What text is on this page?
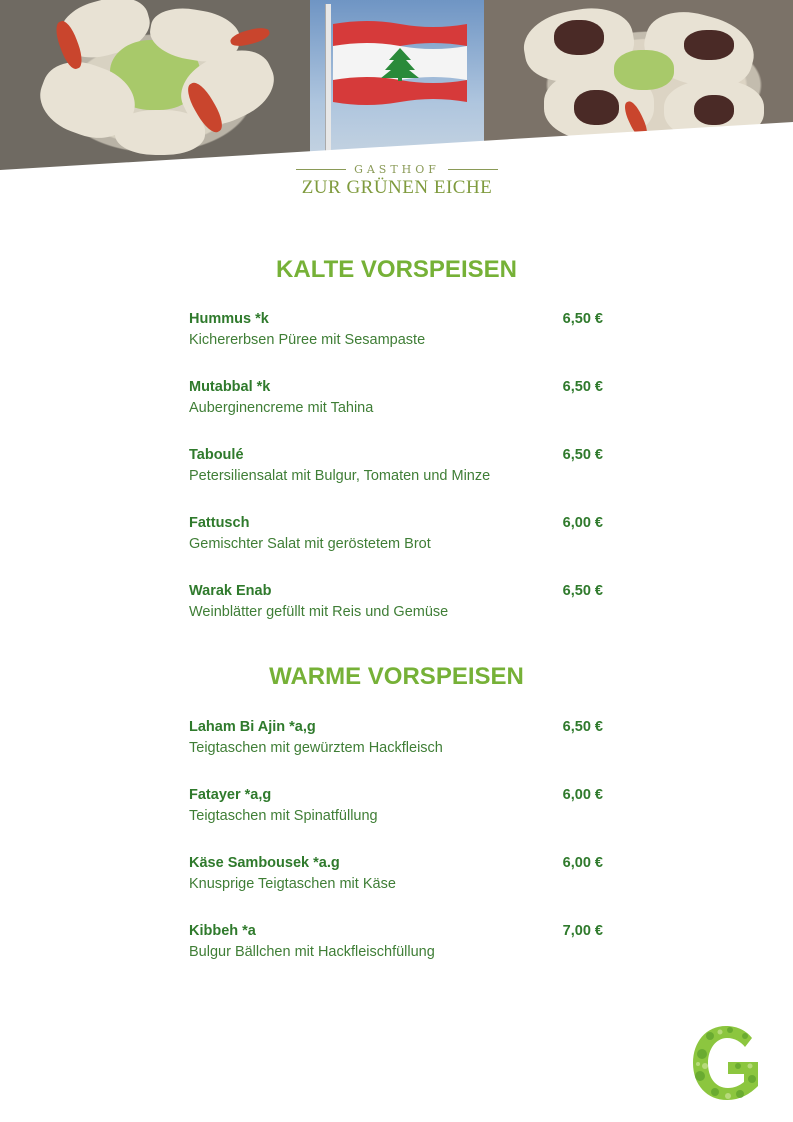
GASTHOF
ZUR GRÜNEN EICHE
KALTE VORSPEISEN
Hummus *k	6,50 €
Kichererbsen Püree mit Sesampaste
Mutabbal *k	6,50 €
Auberginencreme mit Tahina
Taboulé	6,50 €
Petersiliensalat mit Bulgur, Tomaten und Minze
Fattusch	6,00 €
Gemischter Salat mit geröstetem Brot
Warak Enab	6,50 €
Weinblätter gefüllt mit Reis und Gemüse
WARME VORSPEISEN
Laham Bi Ajin *a,g	6,50 €
Teigtaschen mit gewürztem Hackfleisch
Fatayer *a,g	6,00 €
Teigtaschen mit Spinatfüllung
Käse Sambousek *a.g	6,00 €
Knusprige Teigtaschen mit Käse
Kibbeh *a	7,00 €
Bulgur Bällchen mit Hackfleischfüllung
